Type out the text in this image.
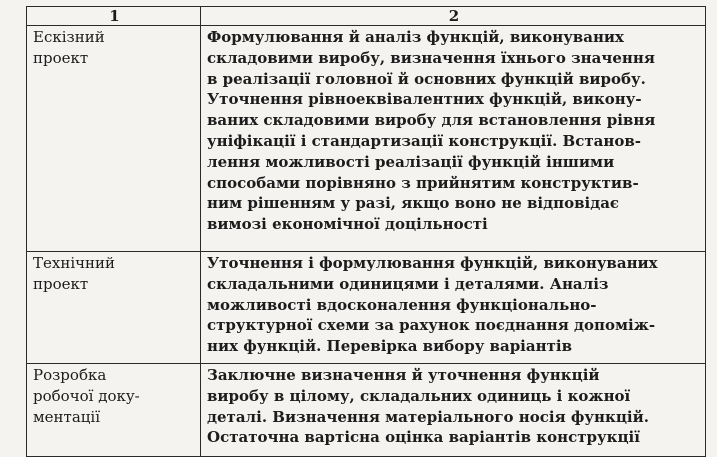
1	2
Ескізний
проект
Формулювання й аналіз функцій, виконуваних
складовими виробу, визначення їхнього значення
в реалізації головної й основних функцій виробу.
Уточнення рівноеквівалентних функцій, викону-
ваних складовими виробу для встановлення рівня
уніфікації і стандартизації конструкції. Встанов-
лення можливості реалізації функцій іншими
способами порівняно з прийнятим конструктив-
ним рішенням у разі, якщо воно не відповідає
вимозі економічної доцільності
Технічний
проект
Уточнення і формулювання функцій, виконуваних
складальними одиницями і деталями. Аналіз
можливості вдосконалення функціонально-
структурної схеми за рахунок поєднання допоміж-
них функцій. Перевірка вибору варіантів
Розробка
робочої доку-
ментації
Заключне визначення й уточнення функцій
виробу в цілому, складальних одиниць і кожної
деталі. Визначення матеріального носія функцій.
Остаточна вартісна оцінка варіантів конструкції
